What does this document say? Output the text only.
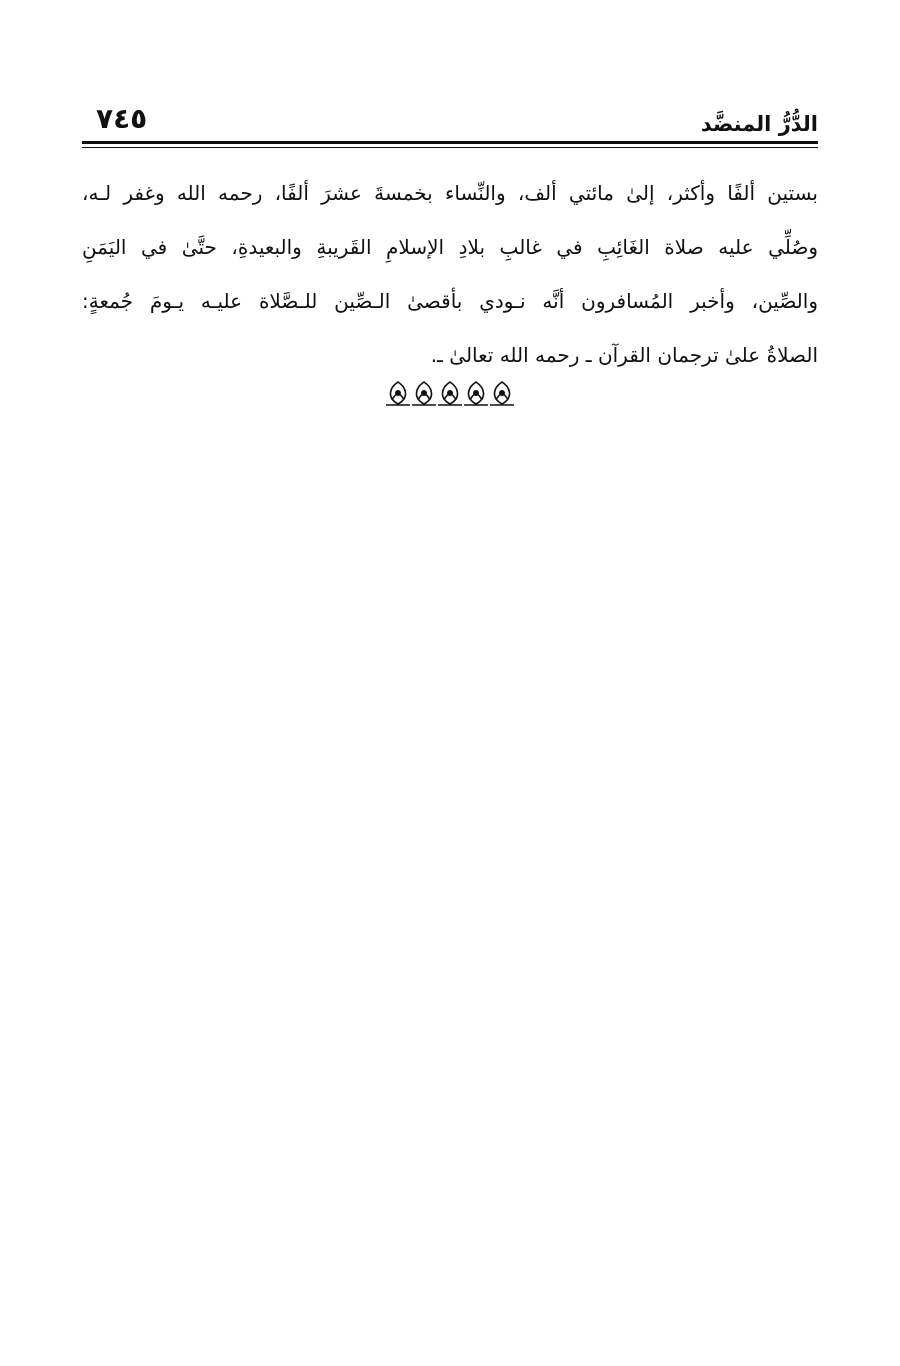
الدُّرُّ المنضَّد
٧٤٥
بستين ألفًا وأكثر، إلىٰ مائتي ألف، والنِّساء بخمسةَ عشرَ ألفًا، رحمه الله وغفر لـه،
وصُلِّي عليه صلاة الغَائِبِ في غالبِ بلادِ الإسلامِ القَريبةِ والبعيدةِ، حتَّىٰ في اليَمَنِ
والصِّين، وأخبر المُسافرون أنَّه نـودي بأقصىٰ الـصِّين للـصَّلاة عليـه يـومَ جُمعةٍ:
الصلاةُ علىٰ ترجمان القرآن ـ رحمه الله تعالىٰ ـ.
